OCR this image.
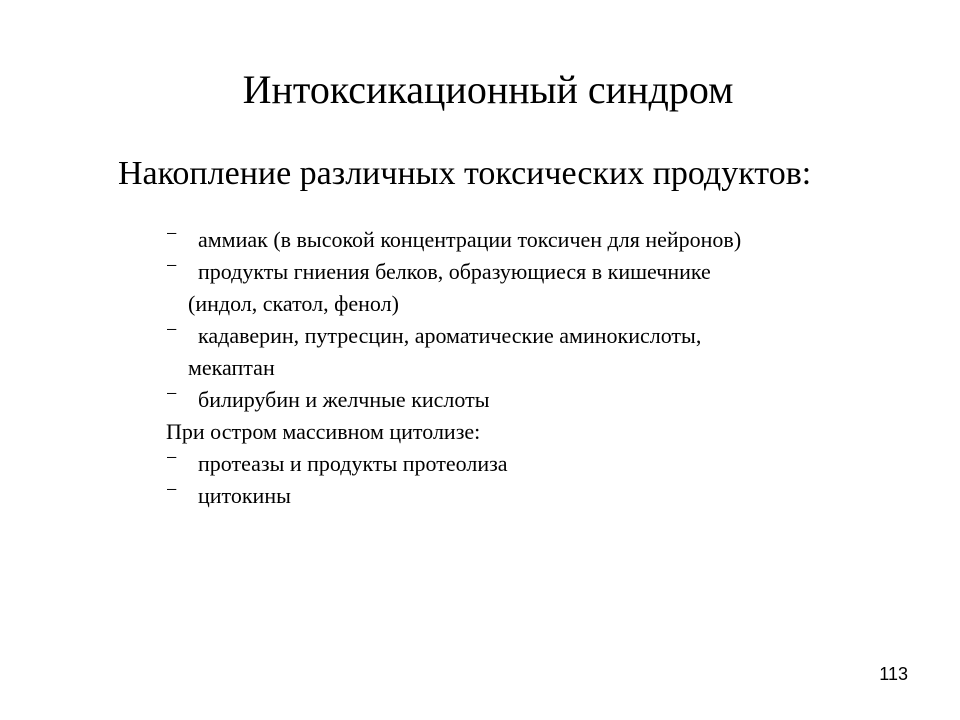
Интоксикационный синдром
Накопление различных токсических продуктов:
− аммиак (в высокой концентрации токсичен для нейронов)
− продукты гниения белков, образующиеся в кишечнике
(индол, скатол, фенол)
− кадаверин, путресцин, ароматические аминокислоты,
мекаптан
− билирубин и желчные кислоты
При остром массивном цитолизе:
− протеазы и продукты протеолиза
− цитокины
113
